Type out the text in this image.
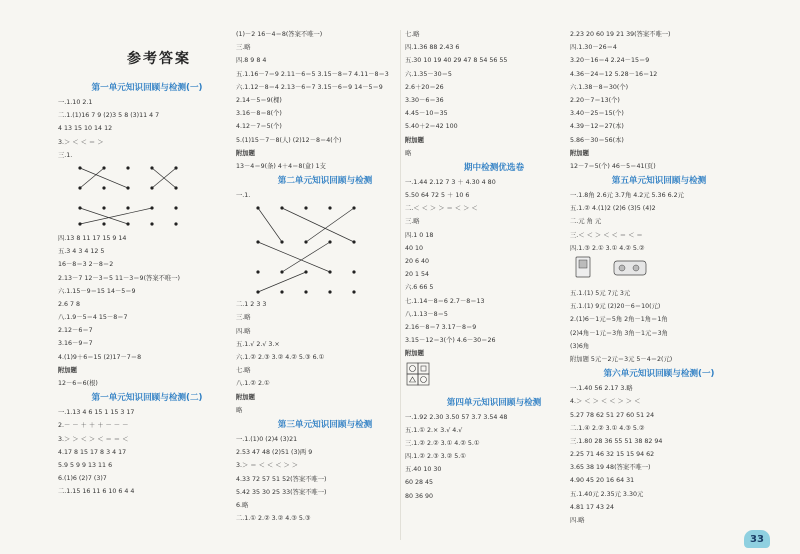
参考答案
第一单元知识回顾与检测(一)
一.1.10 2.1
二.1.(1)16 7 9 (2)3 5 8 (3)11 4 7
4 13 15 10 14 12
3.＞ ＜ ＜ ＝ ＞
三.1.
四.13 8 11 17 15 9 14
五.3 4 3 4 12 5
16－8＝3 2－8＝2
2.13－7 12－3＝5 11－3＝9(答案不唯一)
六.1.15－9＝15 14－5＝9
2.6 7 8
八.1.9－5＝4 15－8＝7
2.12－6＝7
3.16－9＝7
4.(1)9＋6＝15 (2)17－7＝8
附加题
12－6＝6(根)
第一单元知识回顾与检测(二)
一.1.13 4 6 15 1 15 3 17
2.－ － ＋ ＋ ＋ － － －
3.＞ ＞ ＜ ＞ ＜ ＝ ＝ ＜
4.17 8 15 17 8 3 4 17
5.9 5 9 9 13 11 6
6.(1)6 (2)7 (3)7
二.1.15 16 11 6 10 6 4 4
(1)－2 16－4＝8(答案不唯一)
三.略
四.8 9 8 4
五.1.16－7＝9 2.11－6＝5 3.15－8＝7 4.11－8＝3
六.1.12－8＝4 2.13－6＝7 3.15－6＝9 14－5＝9
2.14－5＝9(棵)
3.16－8＝8(个)
4.12－7＝5(个)
5.(1)15－7－8(人) (2)12－8＝4(个)
附加题
13－4＝9(条) 4＋4＝8(盒) 1支
第二单元知识回顾与检测
一.1.
二.1 2 3 3
三.略
四.略
五.1.√ 2.√ 3.×
六.1.② 2.③ 3.② 4.② 5.③ 6.①
七.略
八.1.② 2.①
附加题
略
第三单元知识回顾与检测
一.1.(1)0 (2)4 (3)21
2.53 47 48 (2)51 (3)两 9
3.＞ ＝ ＜ ＜ ＜ ＞ ＞
4.33 72 57 51 52(答案不唯一)
5.42 35 30 25 33(答案不唯一)
6.略
二.1.① 2.② 3.② 4.③ 5.③
七.略
四.1.36 88 2.43 6
五.30 10 19 40 29 47 8 54 56 55
六.1.35－30＝5
2.6＋20＝26
3.30－6＝36
4.45－10＝35
5.40＋2＝42 100
附加题
略
期中检测优选卷
一.1.44 2.12 7 3 ＋ 4.30 4 80
5.50 64 72 5 ＋ 10 6
二.＜ ＜ ＞ ＞ ＝ ＜ ＞ ＜
三.略
四.1 0 18
40 10
20 6 40
20 1 54
六.6 66 5
七.1.14－8＝6 2.7－8＝13
八.1.13－8＝5
2.16－8＝7 3.17－8＝9
3.15－12＝3(个) 4.6－30＝26
附加题
第四单元知识回顾与检测
一.1.92 2.30 3.50 57 3.7 3.54 48
五.1.① 2.× 3.√ 4.√
三.1.② 2.② 3.① 4.② 5.①
四.1.② 2.③ 3.② 5.①
五.40 10 30
60 28 45
80 36 90
2.23 20 60 19 21 39(答案不唯一)
四.1.30－26＝4
3.20－16＝4 2.24－15＝9
4.36－24＝12 5.28－16＝12
六.1.38－8＝30(个)
2.20－7＝13(个)
3.40－25＝15(个)
4.39－12＝27(本)
5.86－30＝56(本)
附加题
12－7＝5(个) 46－5＝41(页)
第五单元知识回顾与检测
一.1.8角 2.6元 3.7角 4.2元 5.36 6.2元
五.1.② 4.(1)2 (2)6 (3)5 (4)2
二.元 角 元
三.＜ ＜ ＞ ＜ ＜ ＝ ＜ ＝
四.1.③ 2.① 3.① 4.② 5.②
五.1.(1) 5元 7元 3元
五.1.(1) 9元 (2)20－6＝10(元)
2.(1)6－1元＝5角 2角－1角＝1角
(2)4角－1元＝3角 3角－1元＝3角
(3)6角
附加题 5元－2元＝3元 5－4＝2(元)
第六单元知识回顾与检测(一)
一.1.40 56 2.17 3.略
4.＞ ＜ ＞ ＜ ＜ ＞ ＞ ＜
5.27 78 62 51 27 60 51 24
二.1.④ 2.② 3.① 4.③ 5.②
三.1.80 28 36 55 51 38 82 94
2.25 71 46 32 15 15 94 62
3.65 38 19 48(答案不唯一)
4.90 45 20 16 64 31
五.1.40元 2.35元 3.30元
4.81 17 43 24
四.略
33
